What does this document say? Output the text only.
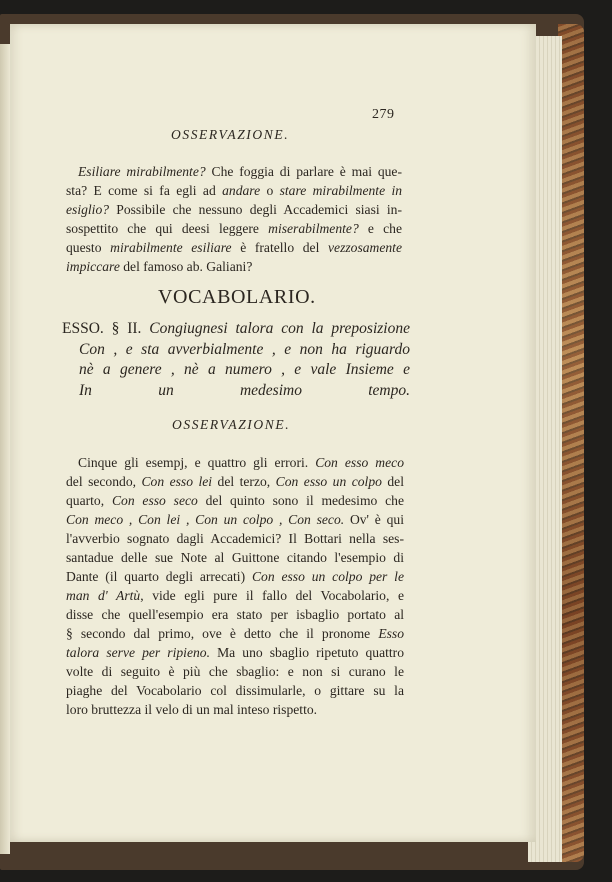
279
OSSERVAZIONE.
Esiliare mirabilmente? Che foggia di parlare è mai que-
sta? E come si fa egli ad andare o stare mirabilmente in
esiglio? Possibile che nessuno degli Accademici siasi in-
sospettito che qui deesi leggere miserabilmente? e che
questo mirabilmente esiliare è fratello del vezzosamente
impiccare del famoso ab. Galiani?
VOCABOLARIO.
ESSO. § II. Congiugnesi talora con la preposizione
Con , e sta avverbialmente , e non ha riguardo
nè a genere , nè a numero , e vale Insieme e
In un medesimo tempo.
OSSERVAZIONE.
Cinque gli esempj, e quattro gli errori. Con esso meco
del secondo, Con esso lei del terzo, Con esso un colpo del
quarto, Con esso seco del quinto sono il medesimo che
Con meco , Con lei , Con un colpo , Con seco. Ov' è qui
l'avverbio sognato dagli Accademici? Il Bottari nella ses-
santadue delle sue Note al Guittone citando l'esempio di
Dante (il quarto degli arrecati) Con esso un colpo per le
man d' Artù, vide egli pure il fallo del Vocabolario, e
disse che quell'esempio era stato per isbaglio portato al
§ secondo dal primo, ove è detto che il pronome Esso
talora serve per ripieno. Ma uno sbaglio ripetuto quattro
volte di seguito è più che sbaglio: e non si curano le
piaghe del Vocabolario col dissimularle, o gittare su la
loro bruttezza il velo di un mal inteso rispetto.
